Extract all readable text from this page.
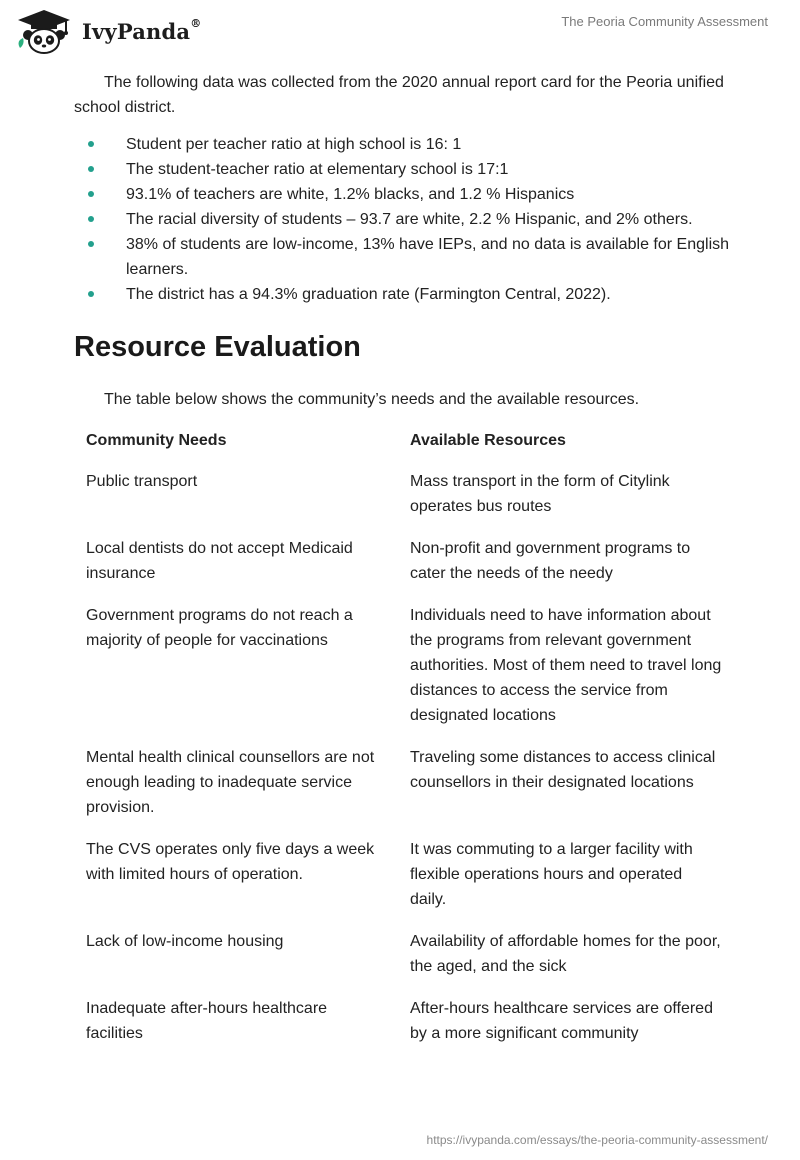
IvyPanda®	The Peoria Community Assessment

The following data was collected from the 2020 annual report card for the Peoria unified school district.

Student per teacher ratio at high school is 16: 1
The student-teacher ratio at elementary school is 17:1
93.1% of teachers are white, 1.2% blacks, and 1.2 % Hispanics
The racial diversity of students – 93.7 are white, 2.2 % Hispanic, and 2% others.
38% of students are low-income, 13% have IEPs, and no data is available for English learners.
The district has a 94.3% graduation rate (Farmington Central, 2022).
Resource Evaluation

The table below shows the community’s needs and the available resources.

Community Needs	Available Resources
Public transport	Mass transport in the form of Citylink operates bus routes
Local dentists do not accept Medicaid insurance	Non-profit and government programs to cater the needs of the needy
Government programs do not reach a majority of people for vaccinations	Individuals need to have information about the programs from relevant government authorities. Most of them need to travel long distances to access the service from designated locations
Mental health clinical counsellors are not enough leading to inadequate service provision.	Traveling some distances to access clinical counsellors in their designated locations
The CVS operates only five days a week with limited hours of operation.	It was commuting to a larger facility with flexible operations hours and operated daily.
Lack of low-income housing	Availability of affordable homes for the poor, the aged, and the sick
Inadequate after-hours healthcare facilities	After-hours healthcare services are offered by a more significant community
https://ivypanda.com/essays/the-peoria-community-assessment/
